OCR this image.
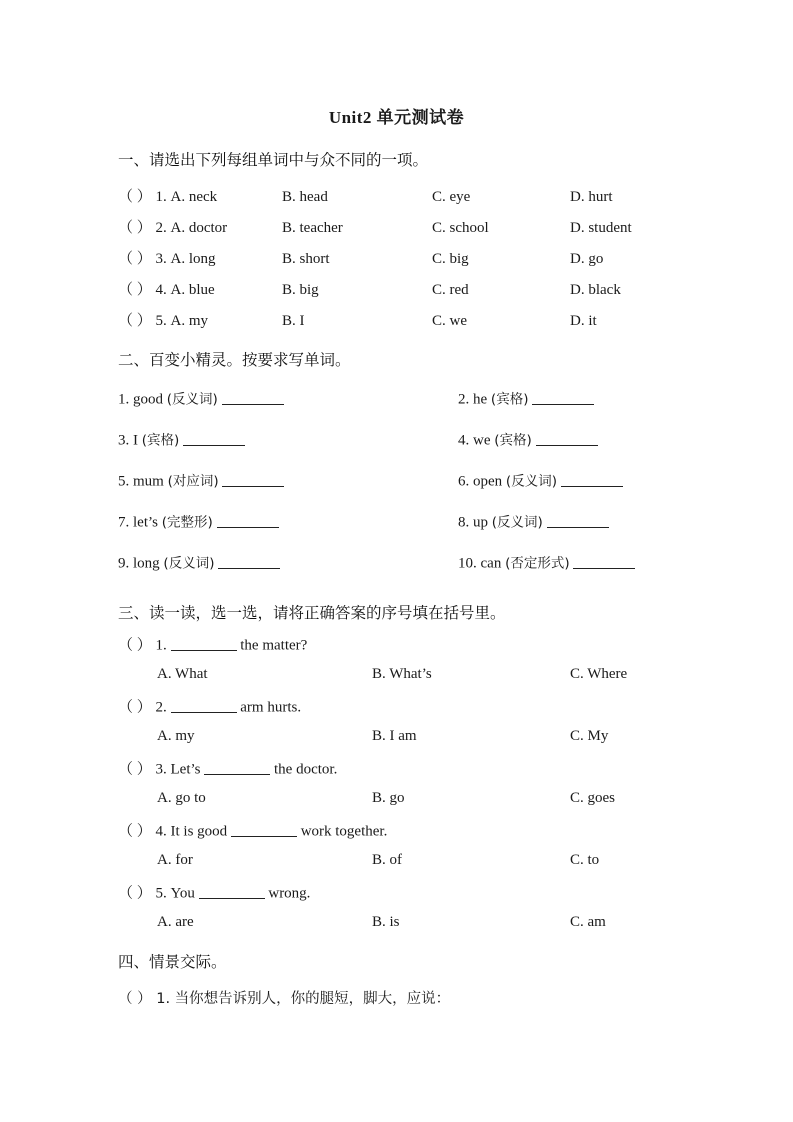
Unit2 单元测试卷
一、请选出下列每组单词中与众不同的一项。
（ ） 1. A. neck	B. head	C. eye	D. hurt
（ ） 2. A. doctor	B. teacher	C. school	D. student
（ ） 3. A. long	B. short	C. big	D. go
（ ） 4. A. blue	B. big	C. red	D. black
（ ） 5. A. my	B. I	C. we	D. it
二、百变小精灵。按要求写单词。
1. good (反义词)	2. he (宾格)
3. I (宾格)	4. we (宾格)
5. mum (对应词)	6. open (反义词)
7. let’s (完整形)	8. up (反义词)
9. long (反义词)	10. can (否定形式)
三、读一读，选一选，请将正确答案的序号填在括号里。
（ ） 1.	the matter?
A. What	B. What’s	C. Where
（ ） 2.	arm hurts.
A. my	B. I am	C. My
（ ） 3. Let’s	the doctor.
A. go to	B. go	C. goes
（ ） 4. It is good	work together.
A. for	B. of	C. to
（ ） 5. You	wrong.
A. are	B. is	C. am
四、情景交际。
（ ） 1. 当你想告诉别人，你的腿短，脚大，应说：
